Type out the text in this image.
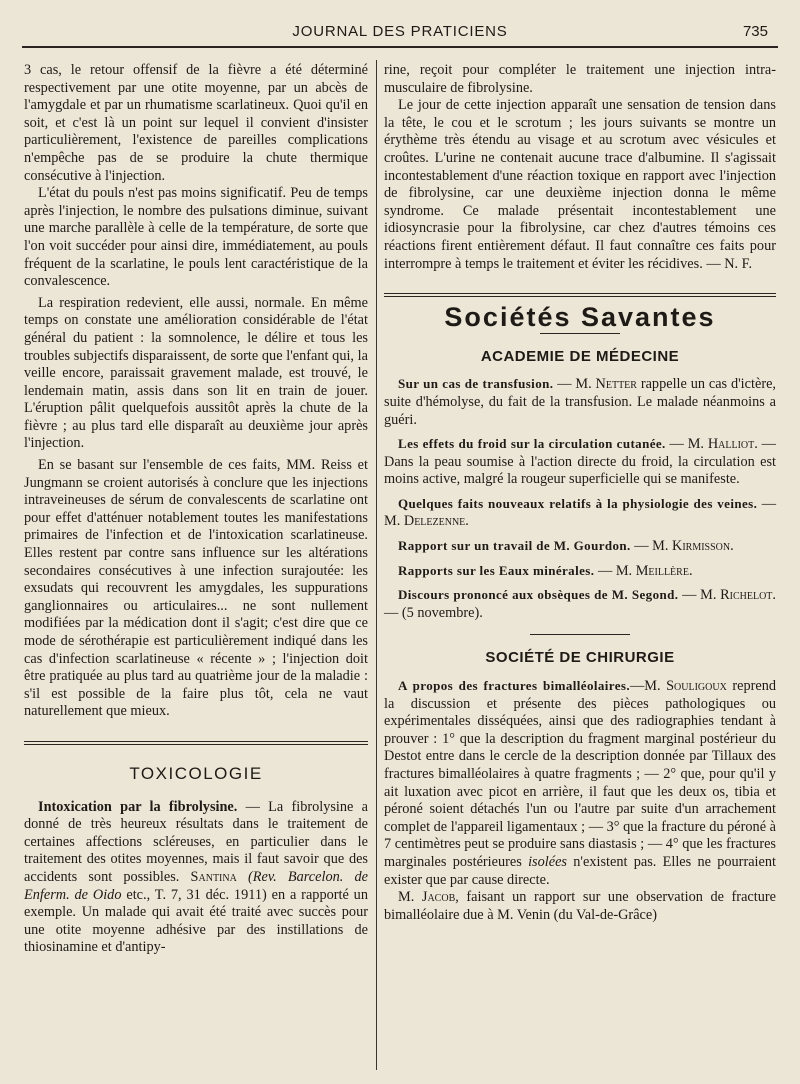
JOURNAL DES PRATICIENS	735

3 cas, le retour offensif de la fièvre a été déterminé respectivement par une otite moyenne, par un abcès de l'amygdale et par un rhumatisme scarlatineux. Quoi qu'il en soit, et c'est là un point sur lequel il convient d'insister particulièrement, l'existence de pareilles complications n'empêche pas de se produire la chute thermique consécutive à l'injection.

L'état du pouls n'est pas moins significatif. Peu de temps après l'injection, le nombre des pulsations diminue, suivant une marche parallèle à celle de la température, de sorte que l'on voit succéder pour ainsi dire, immédiatement, au pouls fréquent de la scarlatine, le pouls lent caractéristique de la convalescence.

La respiration redevient, elle aussi, normale. En même temps on constate une amélioration considérable de l'état général du patient : la somnolence, le délire et tous les troubles subjectifs disparaissent, de sorte que l'enfant qui, la veille encore, paraissait gravement malade, est trouvé, le lendemain matin, assis dans son lit en train de jouer. L'éruption pâlit quelquefois aussitôt après la chute de la fièvre ; au plus tard elle disparaît au deuxième jour après l'injection.

En se basant sur l'ensemble de ces faits, MM. Reiss et Jungmann se croient autorisés à conclure que les injections intraveineuses de sérum de convalescents de scarlatine ont pour effet d'atténuer notablement toutes les manifestations primaires de l'infection et de l'intoxication scarlatineuse. Elles restent par contre sans influence sur les altérations secondaires consécutives à une infection surajoutée: les exsudats qui recouvrent les amygdales, les suppurations ganglionnaires ou articulaires... ne sont nullement modifiées par la médication dont il s'agit; c'est dire que ce mode de sérothérapie est particulièrement indiqué dans les cas d'infection scarlatineuse « récente » ; l'injection doit être pratiquée au plus tard au quatrième jour de la maladie : s'il est possible de la faire plus tôt, cela ne vaut naturellement que mieux.

TOXICOLOGIE

Intoxication par la fibrolysine. — La fibrolysine a donné de très heureux résultats dans le traitement de certaines affections scléreuses, en particulier dans le traitement des otites moyennes, mais il faut savoir que des accidents sont possibles. Santina (Rev. Barcelon. de Enferm. de Oido etc., T. 7, 31 déc. 1911) en a rapporté un exemple. Un malade qui avait été traité avec succès pour une otite moyenne adhésive par des instillations de thiosinamine et d'antipy-

rine, reçoit pour compléter le traitement une injection intra-musculaire de fibrolysine.

Le jour de cette injection apparaît une sensation de tension dans la tête, le cou et le scrotum ; les jours suivants se montre un érythème très étendu au visage et au scrotum avec vésicules et croûtes. L'urine ne contenait aucune trace d'albumine. Il s'agissait incontestablement d'une réaction toxique en rapport avec l'injection de fibrolysine, car une deuxième injection donna le même syndrome. Ce malade présentait incontestablement une idiosyncrasie pour la fibrolysine, car chez d'autres témoins ces réactions firent entièrement défaut. Il faut connaître ces faits pour interrompre à temps le traitement et éviter les récidives. — N. F.

Sociétés Savantes
ACADEMIE DE MÉDECINE

Sur un cas de transfusion. — M. Netter rappelle un cas d'ictère, suite d'hémolyse, du fait de la transfusion. Le malade néanmoins a guéri.

Les effets du froid sur la circulation cutanée. — M. Halliot. — Dans la peau soumise à l'action directe du froid, la circulation est moins active, malgré la rougeur superficielle qui se manifeste.

Quelques faits nouveaux relatifs à la physiologie des veines. — M. Delezenne.

Rapport sur un travail de M. Gourdon. — M. Kirmisson.

Rapports sur les Eaux minérales. — M. Meillère.

Discours prononcé aux obsèques de M. Segond. — M. Richelot. — (5 novembre).

SOCIÉTÉ DE CHIRURGIE

A propos des fractures bimalléolaires.—M. Souligoux reprend la discussion et présente des pièces pathologiques ou expérimentales disséquées, ainsi que des radiographies tendant à prouver : 1° que la description du fragment marginal postérieur du Destot entre dans le cercle de la description donnée par Tillaux des fractures bimalléolaires à quatre fragments ; — 2° que, pour qu'il y ait luxation avec picot en arrière, il faut que les deux os, tibia et péroné soient détachés l'un ou l'autre par suite d'un arrachement complet de l'appareil ligamentaux ; — 3° que la fracture du péroné à 7 centimètres peut se produire sans diastasis ; — 4° que les fractures marginales postérieures isolées n'existent pas. Elles ne pourraient exister que par cause directe.

M. Jacob, faisant un rapport sur une observation de fracture bimalléolaire due à M. Venin (du Val-de-Grâce)
